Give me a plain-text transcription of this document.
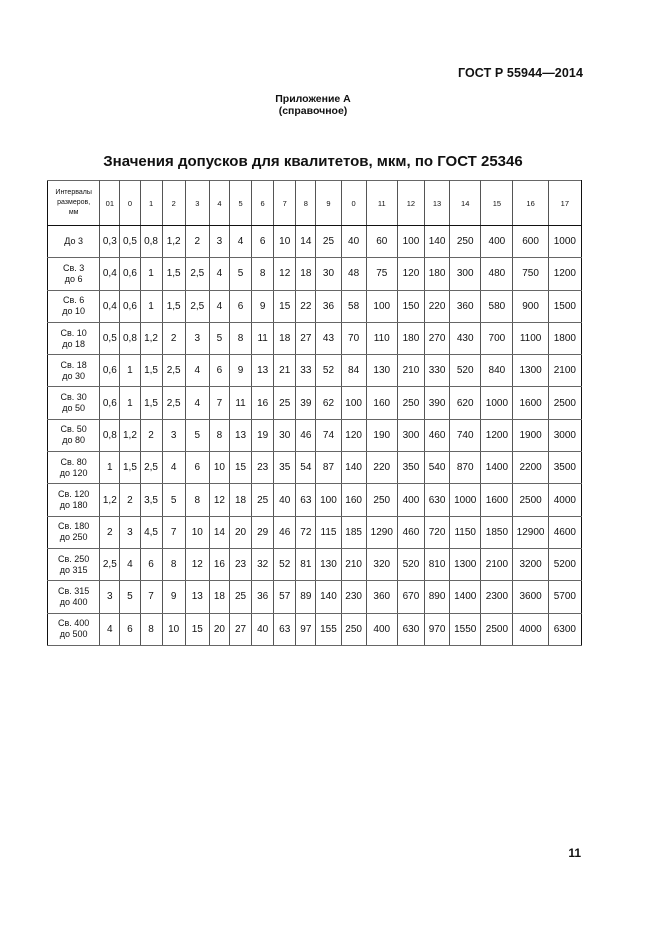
ГОСТ Р 55944—2014
Приложение А
(справочное)
Значения допусков для квалитетов, мкм, по ГОСТ 25346
Интервалы
размеров,
мм	01	0	1	2	3	4	5	6	7	8	9	0	11	12	13	14	15	16	17

До 3	0,3	0,5	0,8	1,2	2	3	4	6	10	14	25	40	60	100	140	250	400	600	1000

Св. 3
до 6	0,4	0,6	1	1,5	2,5	4	5	8	12	18	30	48	75	120	180	300	480	750	1200

Св. 6
до 10	0,4	0,6	1	1,5	2,5	4	6	9	15	22	36	58	100	150	220	360	580	900	1500

Св. 10
до 18	0,5	0,8	1,2	2	3	5	8	11	18	27	43	70	110	180	270	430	700	1100	1800

Св. 18
до 30	0,6	1	1,5	2,5	4	6	9	13	21	33	52	84	130	210	330	520	840	1300	2100

Св. 30
до 50	0,6	1	1,5	2,5	4	7	11	16	25	39	62	100	160	250	390	620	1000	1600	2500

Св. 50
до 80	0,8	1,2	2	3	5	8	13	19	30	46	74	120	190	300	460	740	1200	1900	3000

Св. 80
до 120	1	1,5	2,5	4	6	10	15	23	35	54	87	140	220	350	540	870	1400	2200	3500

Св. 120
до 180	1,2	2	3,5	5	8	12	18	25	40	63	100	160	250	400	630	1000	1600	2500	4000

Св. 180
до 250	2	3	4,5	7	10	14	20	29	46	72	115	185	1290	460	720	1150	1850	12900	4600

Св. 250
до 315	2,5	4	6	8	12	16	23	32	52	81	130	210	320	520	810	1300	2100	3200	5200

Св. 315
до 400	3	5	7	9	13	18	25	36	57	89	140	230	360	670	890	1400	2300	3600	5700

Св. 400
до 500	4	6	8	10	15	20	27	40	63	97	155	250	400	630	970	1550	2500	4000	6300
11
